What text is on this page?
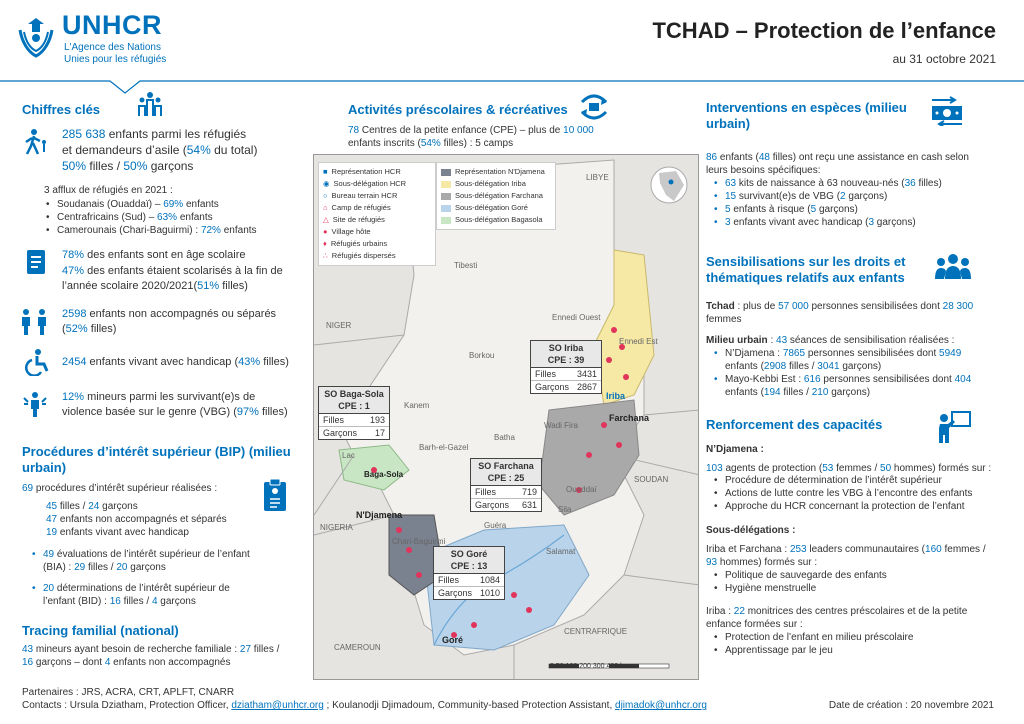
UNHCR
L'Agence des Nations
Unies pour les réfugiés
TCHAD – Protection de l’enfance
au 31 octobre 2021
Chiffres clés
285 638 enfants parmi les réfugiés
et demandeurs d’asile (54% du total)
50% filles / 50% garçons
3 afflux de réfugiés en 2021 :
• Soudanais (Ouaddaï) – 69% enfants
• Centrafricains (Sud) – 63% enfants
• Camerounais (Chari-Baguirmi) : 72% enfants
78% des enfants sont en âge scolaire
47% des enfants étaient scolarisés à la fin de
l’année scolaire 2020/2021(51% filles)
2598 enfants non accompagnés ou séparés
(52% filles)
2454 enfants vivant avec handicap (43% filles)
12% mineurs parmi les survivant(e)s de
violence basée sur le genre (VBG) (97% filles)
Procédures d’intérêt supérieur (BIP) (milieu
urbain)
69 procédures d’intérêt supérieur réalisées :
45 filles / 24 garçons
47 enfants non accompagnés et séparés
19 enfants vivant avec handicap
• 49 évaluations de l’intérêt supérieur de l’enfant
(BIA) : 29 filles / 20 garçons
• 20 déterminations de l’intérêt supérieur de
l’enfant (BID) : 16 filles / 4 garçons
Tracing familial (national)
43 mineurs ayant besoin de recherche familiale : 27 filles /
16 garçons – dont 4 enfants non accompagnés
Activités préscolaires & récréatives
78 Centres de la petite enfance (CPE) – plus de 10 000
enfants inscrits (54% filles) : 5 camps
LIBYE
NIGER
Tibesti
Ennedi Ouest
Ennedi Est
Borkou
Kanem
Barh-el-Gazel
Batha
Wadi Fira
SOUDAN
NIGERIA
CAMEROUN
CENTRAFRIQUE
Lac
N'Djamena
Farchana
Iriba
Baga-Sola
Goré
Chari-Baguirmi
Guéra
Salamat
Sila
Ouaddaï
0 50 100 200 300 400 km
■ Représentation HCR
◉ Sous-délégation HCR
○ Bureau terrain HCR
⌂ Camp de réfugiés
△ Site de réfugiés
● Village hôte
♦ Réfugiés urbains
∴ Réfugiés dispersés
Représentation N'Djamena
Sous-délégation Iriba
Sous-délégation Farchana
Sous-délégation Goré
Sous-délégation Bagasola
SO Iriba
CPE : 39
Filles 3431
Garçons 2867
SO Baga-Sola
CPE : 1
Filles	193
Garçons 17
SO Farchana
CPE : 25
Filles	719
Garçons 631
SO Goré
CPE : 13
Filles 1084
Garçons 1010
Interventions en espèces (milieu
urbain)
86 enfants (48 filles) ont reçu une assistance en cash selon
leurs besoins spécifiques:
• 63 kits de naissance à 63 nouveau-nés (36 filles)
• 15 survivant(e)s de VBG (2 garçons)
• 5 enfants à risque (5 garçons)
• 3 enfants vivant avec handicap (3 garçons)
Sensibilisations sur les droits et
thématiques relatifs aux enfants
Tchad : plus de 57 000 personnes sensibilisées dont 28 300
femmes
Milieu urbain : 43 séances de sensibilisation réalisées :
• N’Djamena : 7865 personnes sensibilisées dont 5949
enfants (2908 filles / 3041 garçons)
• Mayo-Kebbi Est : 616 personnes sensibilisées dont 404
enfants (194 filles / 210 garçons)
Renforcement des capacités
N’Djamena :
103 agents de protection (53 femmes / 50 hommes) formés sur :
• Procédure de détermination de l’intérêt supérieur
• Actions de lutte contre les VBG à l’encontre des enfants
• Approche du HCR concernant la protection de l’enfant
Sous-délégations :
Iriba et Farchana : 253 leaders communautaires (160 femmes /
93 hommes) formés sur :
• Politique de sauvegarde des enfants
• Hygiène menstruelle
Iriba : 22 monitrices des centres préscolaires et de la petite
enfance formées sur :
• Protection de l’enfant en milieu préscolaire
• Apprentissage par le jeu
Partenaires : JRS, ACRA, CRT, APLFT, CNARR
Contacts : Ursula Dziatham, Protection Officer, dziatham@unhcr.org ; Koulanodji Djimadoum, Community-based Protection Assistant, djimadok@unhcr.org	Date de création : 20 novembre 2021
